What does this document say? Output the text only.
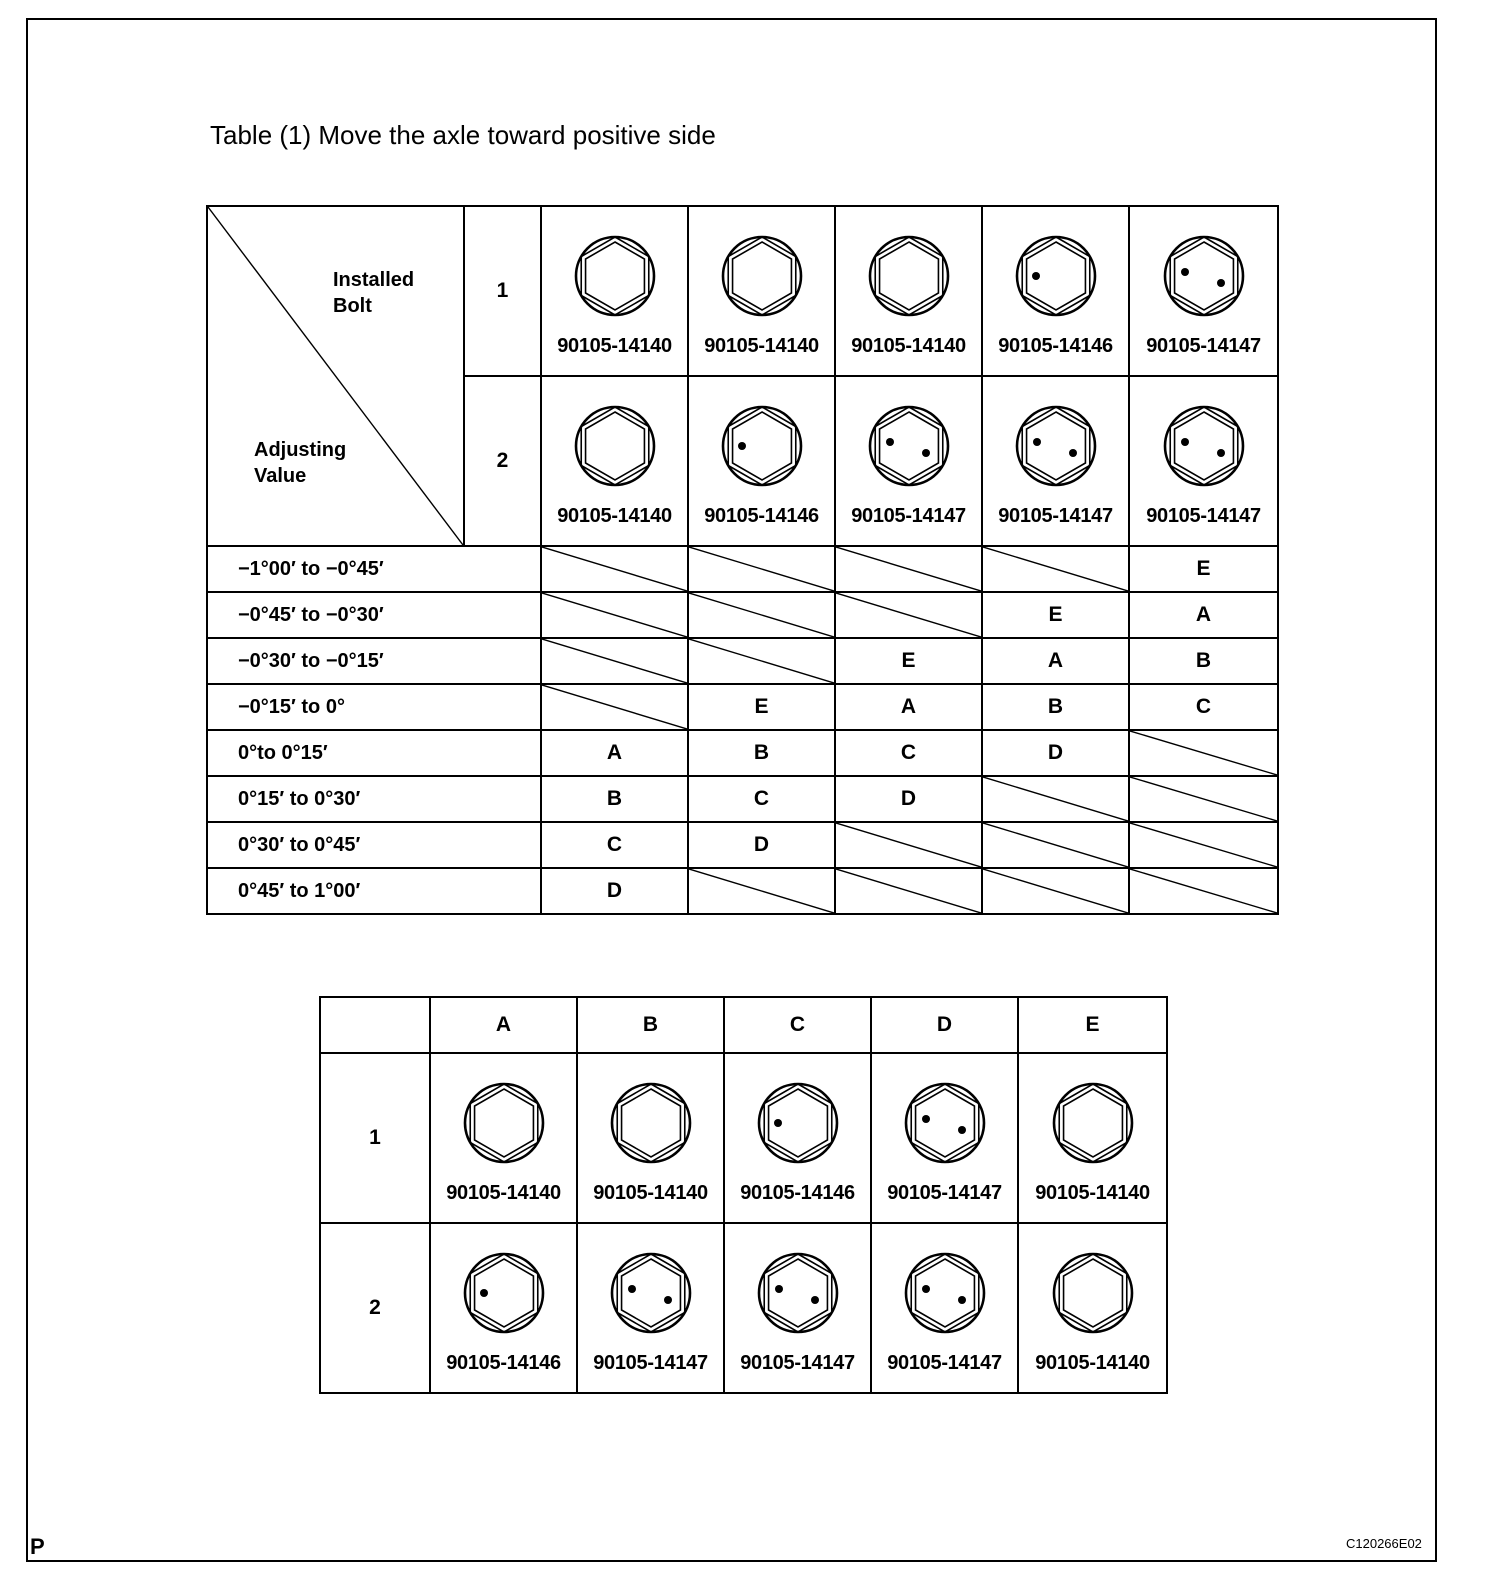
Table (1) Move the axle toward positive side
Installed
Bolt
Adjusting
Value	1	90105-14140	90105-14140	90105-14140	90105-14146	90105-14147

	2	90105-14140	90105-14146	90105-14147	90105-14147	90105-14147

−1°00′ to −0°45′						E
−0°45′ to −0°30′					E	A
−0°30′ to −0°15′				E	A	B
−0°15′ to 0°			E	A	B	C
0°to 0°15′		A	B	C	D	

0°15′ to 0°30′		B	C	D	

0°30′ to 0°45′		C	D	

0°45′ to 1°00′		D	

	A	B	C	D	E
1	90105-14140	90105-14140	90105-14146	90105-14147	90105-14140

2	90105-14146	90105-14147	90105-14147	90105-14147	90105-14140
P	C120266E02
